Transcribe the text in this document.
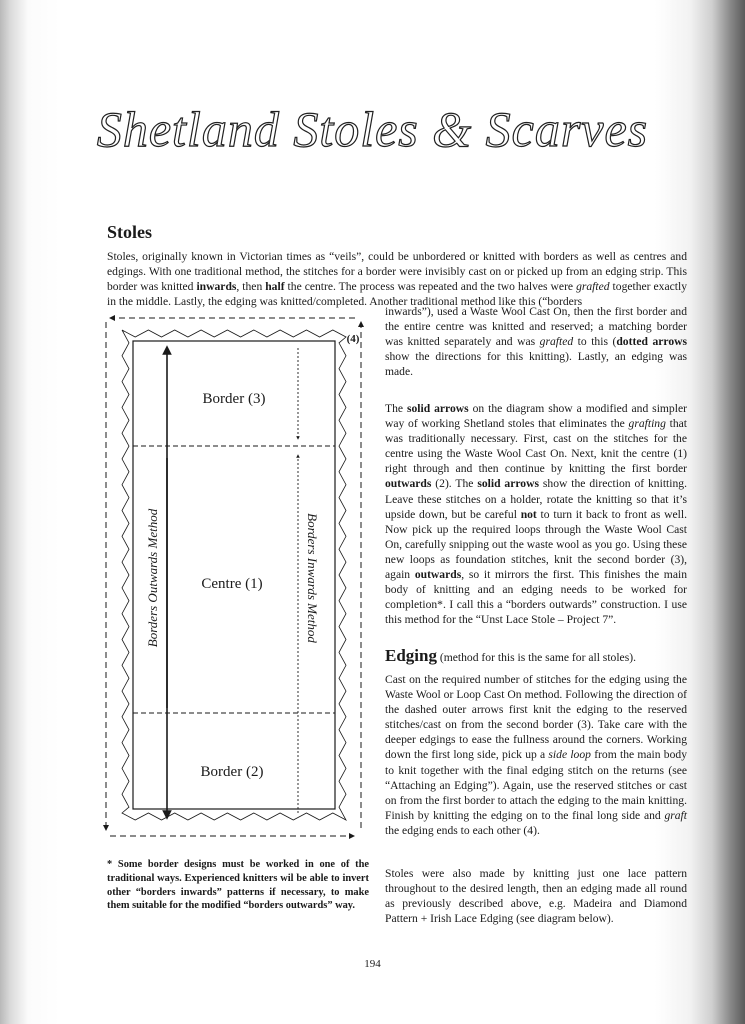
Shetland Stoles & Scarves
Stoles

Stoles, originally known in Victorian times as “veils”, could be unbordered or knitted with borders as well as centres and edgings. With one traditional method, the stitches for a border were invisibly cast on or picked up from an edging strip. This border was knitted inwards, then half the centre. The process was repeated and the two halves were grafted together exactly in the middle. Lastly, the edging was knitted/completed. Another traditional method like this (“borders

inwards”), used a Waste Wool Cast On, then the first border and the entire centre was knitted and reserved; a matching border was knitted separately and was grafted to this (dotted arrows show the directions for this knitting). Lastly, an edging was made.

The solid arrows on the diagram show a modified and simpler way of working Shetland stoles that eliminates the grafting that was traditionally necessary. First, cast on the stitches for the centre using the Waste Wool Cast On. Next, knit the centre (1) right through and then continue by knitting the first border outwards (2). The solid arrows show the direction of knitting. Leave these stitches on a holder, rotate the knitting so that it’s upside down, but be careful not to turn it back to front as well. Now pick up the required loops through the Waste Wool Cast On, carefully snipping out the waste wool as you go. Using these new loops as foundation stitches, knit the second border (3), again outwards, so it mirrors the first. This finishes the main body of knitting and an edging needs to be worked for completion*. I call this a “borders outwards” construction. I use this method for the “Unst Lace Stole – Project 7”.

Edging (method for this is the same for all stoles).

Cast on the required number of stitches for the edging using the Waste Wool or Loop Cast On method. Following the direction of the dashed outer arrows first knit the edging to the reserved stitches/cast on from the second border (3). Take care with the deeper edgings to ease the fullness around the corners. Working down the first long side, pick up a side loop from the main body to knit together with the final edging stitch on the returns (see “Attaching an Edging”). Again, use the reserved stitches or cast on from the first border to attach the edging to the main knitting. Finish by knitting the edging on to the final long side and graft the edging ends to each other (4).

Stoles were also made by knitting just one lace pattern throughout to the desired length, then an edging made all round as previously described above, e.g. Madeira and Diamond Pattern + Irish Lace Edging (see diagram below).

Border (3)
Centre (1)
Border (2)
(4)
Borders Outwards Method	Borders Inwards Method

* Some border designs must be worked in one of the traditional ways. Experienced knitters wil be able to invert other “borders inwards” patterns if necessary, to make them suitable for the modified “borders outwards” way.

194
